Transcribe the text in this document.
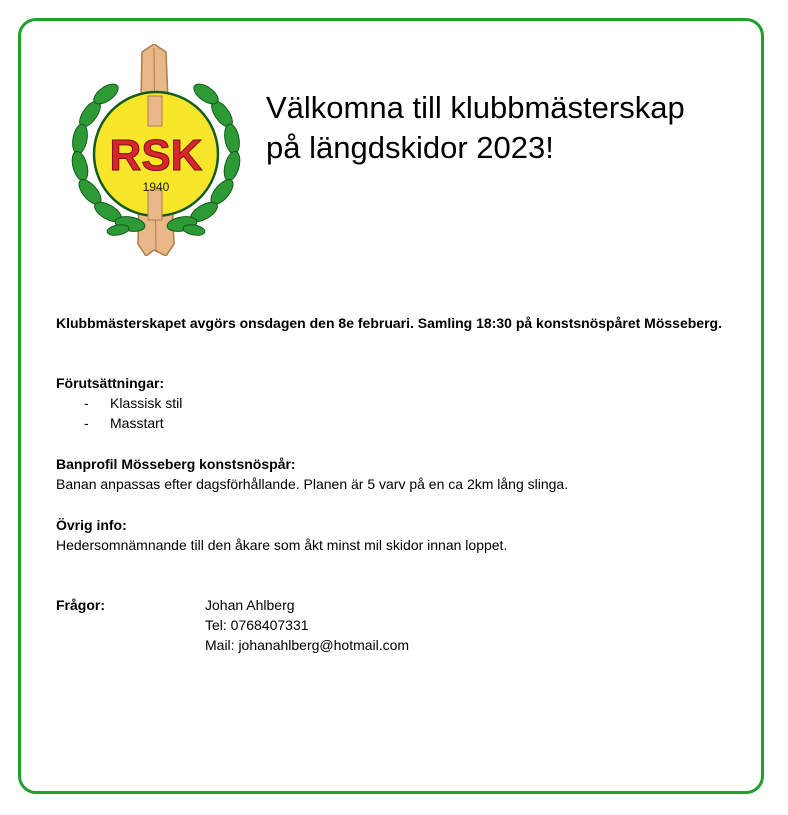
RSK
1940
Välkomna till klubbmästerskap
på längdskidor 2023!

Klubbmästerskapet avgörs onsdagen den 8e februari. Samling 18:30 på konstsnöspåret Mösseberg.

Förutsättningar:

- Klassisk stil
- Masstart

Banprofil Mösseberg konstsnöspår:

Banan anpassas efter dagsförhållande. Planen är 5 varv på en ca 2km lång slinga.

Övrig info:

Hedersomnämnande till den åkare som åkt minst mil skidor innan loppet.

Frågor:	Johan Ahlberg
Tel: 0768407331
Mail: johanahlberg@hotmail.com
